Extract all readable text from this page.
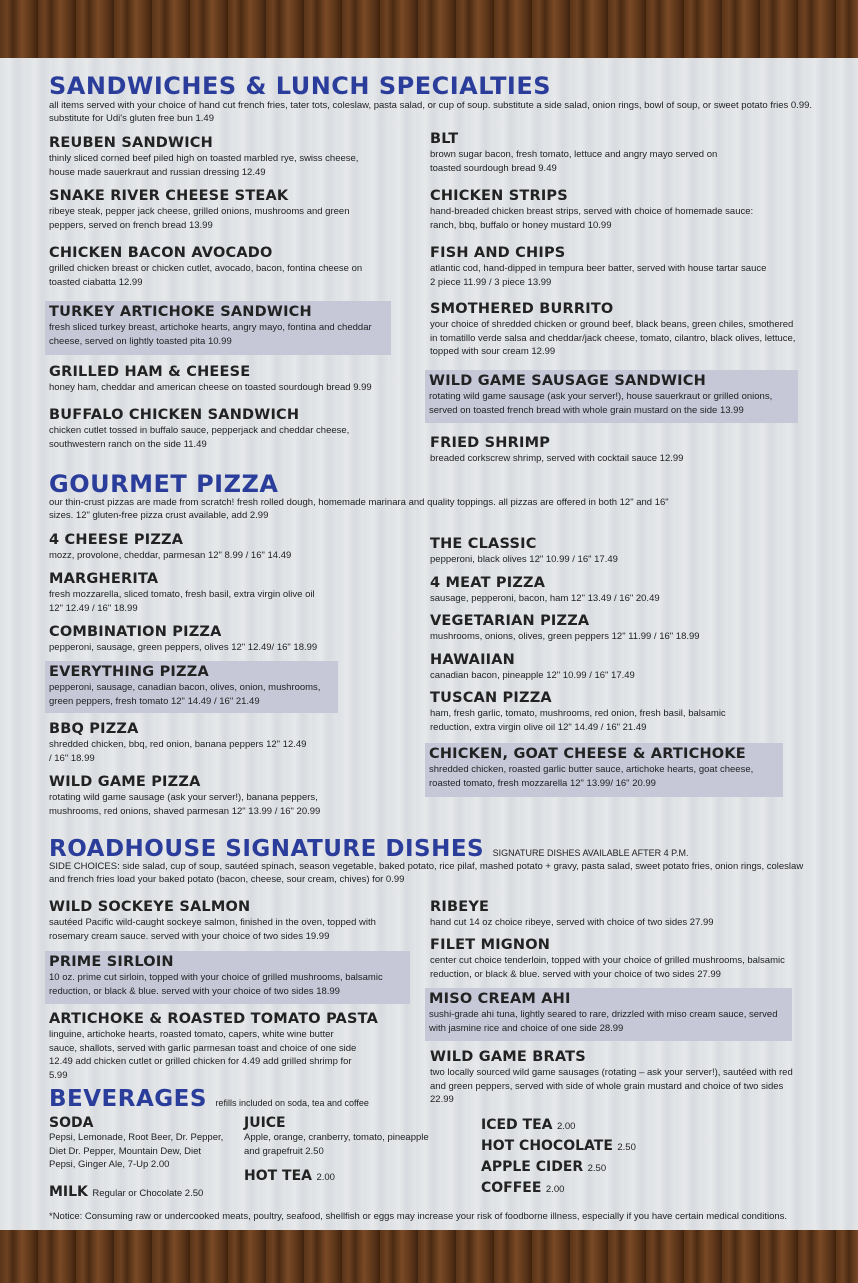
SANDWICHES & LUNCH SPECIALTIES
all items served with your choice of hand cut french fries, tater tots, coleslaw, pasta salad, or cup of soup. substitute a side salad, onion rings, bowl of soup, or sweet potato fries 0.99. substitute for Udi's gluten free bun 1.49
REUBEN SANDWICH
thinly sliced corned beef piled high on toasted marbled rye, swiss cheese, house made sauerkraut and russian dressing 12.49
SNAKE RIVER CHEESE STEAK
ribeye steak, pepper jack cheese, grilled onions, mushrooms and green peppers, served on french bread 13.99
CHICKEN BACON AVOCADO
grilled chicken breast or chicken cutlet, avocado, bacon, fontina cheese on toasted ciabatta 12.99
TURKEY ARTICHOKE SANDWICH
fresh sliced turkey breast, artichoke hearts, angry mayo, fontina and cheddar cheese, served on lightly toasted pita 10.99
GRILLED HAM & CHEESE
honey ham, cheddar and american cheese on toasted sourdough bread 9.99
BUFFALO CHICKEN SANDWICH
chicken cutlet tossed in buffalo sauce, pepperjack and cheddar cheese, southwestern ranch on the side 11.49
BLT
brown sugar bacon, fresh tomato, lettuce and angry mayo served on toasted sourdough bread 9.49
CHICKEN STRIPS
hand-breaded chicken breast strips, served with choice of homemade sauce: ranch, bbq, buffalo or honey mustard 10.99
FISH AND CHIPS
atlantic cod, hand-dipped in tempura beer batter, served with house tartar sauce 2 piece 11.99 / 3 piece 13.99
SMOTHERED BURRITO
your choice of shredded chicken or ground beef, black beans, green chiles, smothered in tomatillo verde salsa and cheddar/jack cheese, tomato, cilantro, black olives, lettuce, topped with sour cream 12.99
WILD GAME SAUSAGE SANDWICH
rotating wild game sausage (ask your server!), house sauerkraut or grilled onions, served on toasted french bread with whole grain mustard on the side 13.99
FRIED SHRIMP
breaded corkscrew shrimp, served with cocktail sauce 12.99
GOURMET PIZZA
our thin-crust pizzas are made from scratch! fresh rolled dough, homemade marinara and quality toppings. all pizzas are offered in both 12" and 16" sizes. 12" gluten-free pizza crust available, add 2.99
4 CHEESE PIZZA
mozz, provolone, cheddar, parmesan 12" 8.99 / 16" 14.49
MARGHERITA
fresh mozzarella, sliced tomato, fresh basil, extra virgin olive oil 12" 12.49 / 16" 18.99
COMBINATION PIZZA
pepperoni, sausage, green peppers, olives 12" 12.49/ 16" 18.99
EVERYTHING PIZZA
pepperoni, sausage, canadian bacon, olives, onion, mushrooms, green peppers, fresh tomato 12" 14.49 / 16" 21.49
BBQ PIZZA
shredded chicken, bbq, red onion, banana peppers 12" 12.49 / 16" 18.99
WILD GAME PIZZA
rotating wild game sausage (ask your server!), banana peppers, mushrooms, red onions, shaved parmesan 12" 13.99 / 16" 20.99
THE CLASSIC
pepperoni, black olives 12" 10.99 / 16" 17.49
4 MEAT PIZZA
sausage, pepperoni, bacon, ham 12" 13.49 / 16" 20.49
VEGETARIAN PIZZA
mushrooms, onions, olives, green peppers 12" 11.99 / 16" 18.99
HAWAIIAN
canadian bacon, pineapple 12" 10.99 / 16" 17.49
TUSCAN PIZZA
ham, fresh garlic, tomato, mushrooms, red onion, fresh basil, balsamic reduction, extra virgin olive oil 12" 14.49 / 16" 21.49
CHICKEN, GOAT CHEESE & ARTICHOKE
shredded chicken, roasted garlic butter sauce, artichoke hearts, goat cheese, roasted tomato, fresh mozzarella 12" 13.99/ 16" 20.99
ROADHOUSE SIGNATURE DISHES SIGNATURE DISHES AVAILABLE AFTER 4 P.M.
SIDE CHOICES: side salad, cup of soup, sautéed spinach, season vegetable, baked potato, rice pilaf, mashed potato + gravy, pasta salad, sweet potato fries, onion rings, coleslaw and french fries load your baked potato (bacon, cheese, sour cream, chives) for 0.99
WILD SOCKEYE SALMON
sautéed Pacific wild-caught sockeye salmon, finished in the oven, topped with rosemary cream sauce. served with your choice of two sides 19.99
PRIME SIRLOIN
10 oz. prime cut sirloin, topped with your choice of grilled mushrooms, balsamic reduction, or black & blue. served with your choice of two sides 18.99
ARTICHOKE & ROASTED TOMATO PASTA
linguine, artichoke hearts, roasted tomato, capers, white wine butter sauce, shallots, served with garlic parmesan toast and choice of one side 12.49 add chicken cutlet or grilled chicken for 4.49 add grilled shrimp for 5.99
RIBEYE
hand cut 14 oz choice ribeye, served with choice of two sides 27.99
FILET MIGNON
center cut choice tenderloin, topped with your choice of grilled mushrooms, balsamic reduction, or black & blue. served with your choice of two sides 27.99
MISO CREAM AHI
sushi-grade ahi tuna, lightly seared to rare, drizzled with miso cream sauce, served with jasmine rice and choice of one side 28.99
WILD GAME BRATS
two locally sourced wild game sausages (rotating – ask your server!), sautéed with red and green peppers, served with side of whole grain mustard and choice of two sides 22.99
BEVERAGES refills included on soda, tea and coffee
SODA
Pepsi, Lemonade, Root Beer, Dr. Pepper, Diet Dr. Pepper, Mountain Dew, Diet Pepsi, Ginger Ale, 7-Up 2.00
MILK Regular or Chocolate 2.50
JUICE
Apple, orange, cranberry, tomato, pineapple and grapefruit 2.50
HOT TEA 2.00
ICED TEA 2.00
HOT CHOCOLATE 2.50
APPLE CIDER 2.50
COFFEE 2.00
*Notice: Consuming raw or undercooked meats, poultry, seafood, shellfish or eggs may increase your risk of foodborne illness, especially if you have certain medical conditions.
